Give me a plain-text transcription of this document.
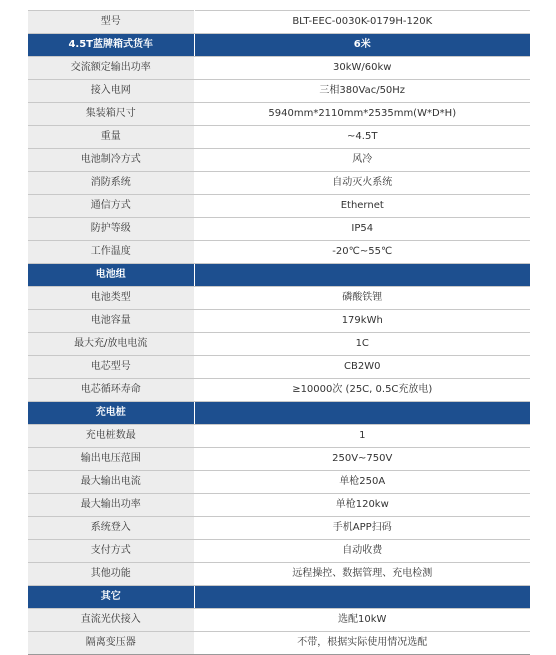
型号	BLT-EEC-0030K-0179H-120K
4.5T蓝牌箱式货车	6米
交流额定输出功率	30kW/60kw
接入电网	三相380Vac/50Hz
集装箱尺寸	5940mm*2110mm*2535mm(W*D*H)
重量	~4.5T
电池制冷方式	风冷
消防系统	自动灭火系统
通信方式	Ethernet
防护等级	IP54
工作温度	-20℃~55℃
电池组	
电池类型	磷酸铁锂
电池容量	179kWh
最大充/放电电流	1C
电芯型号	CB2W0
电芯循环寿命	≥10000次 (25C, 0.5C充放电)
充电桩	
充电桩数最	1
输出电压范围	250V~750V
最大输出电流	单枪250A
最大输出功率	单枪120kw
系统登入	手机APP扫码
支付方式	自动收费
其他功能	远程操控、数据管理、充电检测
其它	
直流光伏接入	选配10kW
隔离变压器	不带，根据实际使用情况选配
